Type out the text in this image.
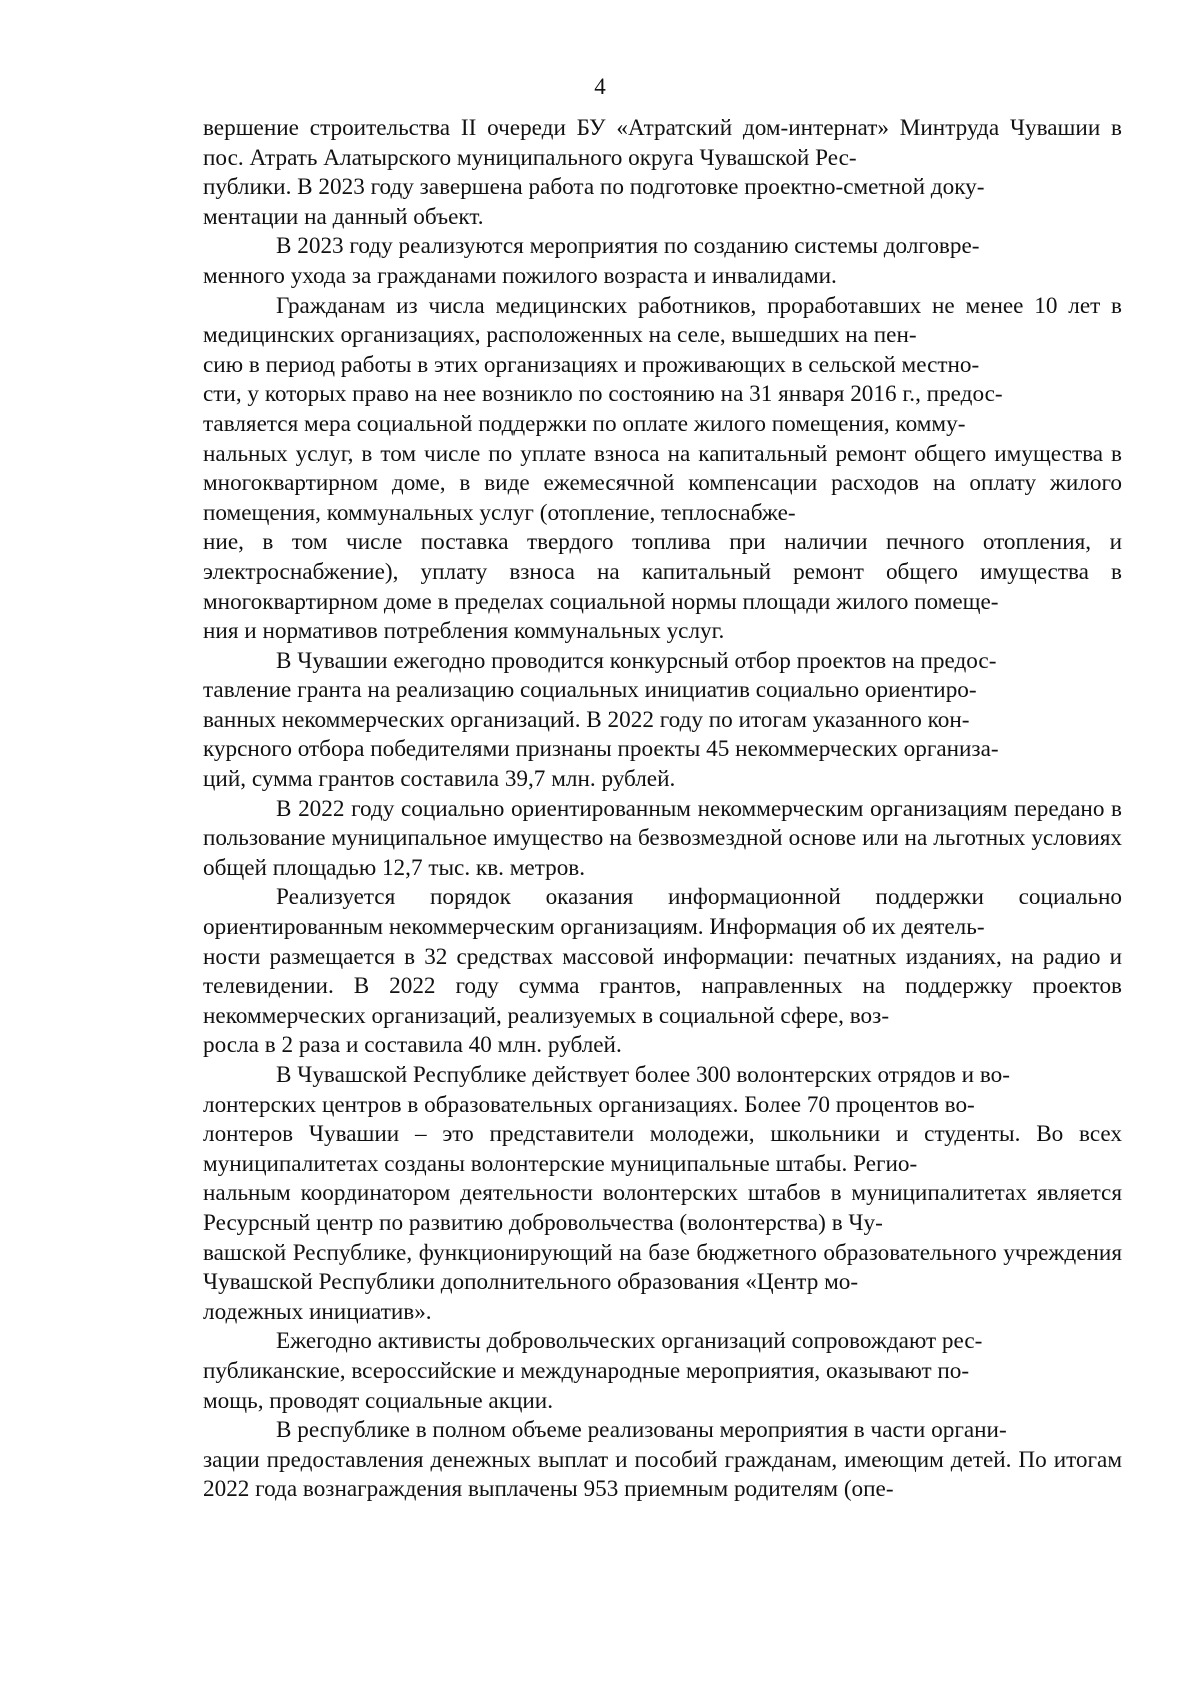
4

вершение строительства II очереди БУ «Атратский дом-интернат» Минтруда Чувашии в пос. Атрать Алатырского муниципального округа Чувашской Рес-
публики. В 2023 году завершена работа по подготовке проектно-сметной доку-
ментации на данный объект.

В 2023 году реализуются мероприятия по созданию системы долговре-
менного ухода за гражданами пожилого возраста и инвалидами.

Гражданам из числа медицинских работников, проработавших не менее 10 лет в медицинских организациях, расположенных на селе, вышедших на пен-
сию в период работы в этих организациях и проживающих в сельской местно-
сти, у которых право на нее возникло по состоянию на 31 января 2016 г., предос-
тавляется мера социальной поддержки по оплате жилого помещения, комму-
нальных услуг, в том числе по уплате взноса на капитальный ремонт общего имущества в многоквартирном доме, в виде ежемесячной компенсации расходов на оплату жилого помещения, коммунальных услуг (отопление, теплоснабже-
ние, в том числе поставка твердого топлива при наличии печного отопления, и электроснабжение), уплату взноса на капитальный ремонт общего имущества в многоквартирном доме в пределах социальной нормы площади жилого помеще-
ния и нормативов потребления коммунальных услуг.

В Чувашии ежегодно проводится конкурсный отбор проектов на предос-
тавление гранта на реализацию социальных инициатив социально ориентиро-
ванных некоммерческих организаций. В 2022 году по итогам указанного кон-
курсного отбора победителями признаны проекты 45 некоммерческих организа-
ций, сумма грантов составила 39,7 млн. рублей.

В 2022 году социально ориентированным некоммерческим организациям передано в пользование муниципальное имущество на безвозмездной основе или на льготных условиях общей площадью 12,7 тыс. кв. метров.

Реализуется порядок оказания информационной поддержки социально ориентированным некоммерческим организациям. Информация об их деятель-
ности размещается в 32 средствах массовой информации: печатных изданиях, на радио и телевидении. В 2022 году сумма грантов, направленных на поддержку проектов некоммерческих организаций, реализуемых в социальной сфере, воз-
росла в 2 раза и составила 40 млн. рублей.

В Чувашской Республике действует более 300 волонтерских отрядов и во-
лонтерских центров в образовательных организациях. Более 70 процентов во-
лонтеров Чувашии – это представители молодежи, школьники и студенты. Во всех муниципалитетах созданы волонтерские муниципальные штабы. Регио-
нальным координатором деятельности волонтерских штабов в муниципалитетах является Ресурсный центр по развитию добровольчества (волонтерства) в Чу-
вашской Республике, функционирующий на базе бюджетного образовательного учреждения Чувашской Республики дополнительного образования «Центр мо-
лодежных инициатив».

Ежегодно активисты добровольческих организаций сопровождают рес-
публиканские, всероссийские и международные мероприятия, оказывают по-
мощь, проводят социальные акции.

В республике в полном объеме реализованы мероприятия в части органи-
зации предоставления денежных выплат и пособий гражданам, имеющим детей. По итогам 2022 года вознаграждения выплачены 953 приемным родителям (опе-
